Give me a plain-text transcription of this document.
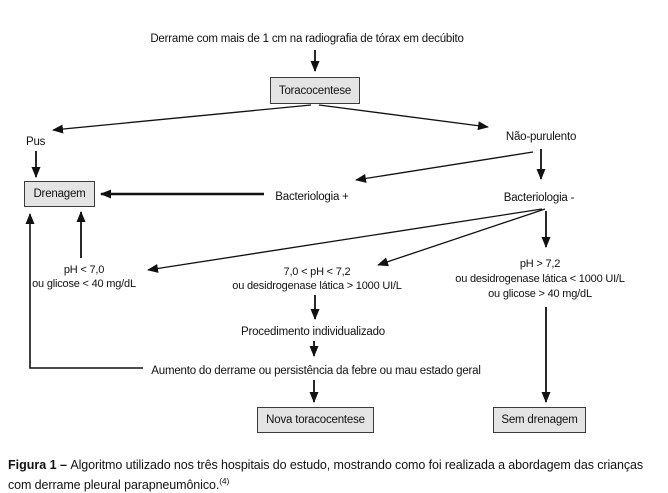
Derrame com mais de 1 cm na radiografia de tórax em decúbito
Toracocentese
Pus	Não-purulento
Drenagem	Bacteriologia +	Bacteriologia -
pH < 7,0
ou glicose < 40 mg/dL
7,0 < pH < 7,2
ou desidrogenase lática > 1000 UI/L
pH > 7,2
ou desidrogenase lática < 1000 UI/L
ou glicose > 40 mg/dL
Procedimento individualizado
Aumento do derrame ou persistência da febre ou mau estado geral
Nova toracocentese	Sem drenagem

Figura 1 – Algoritmo utilizado nos três hospitais do estudo, mostrando como foi realizada a abordagem das crianças com derrame pleural parapneumônico.$^{(4)}$
